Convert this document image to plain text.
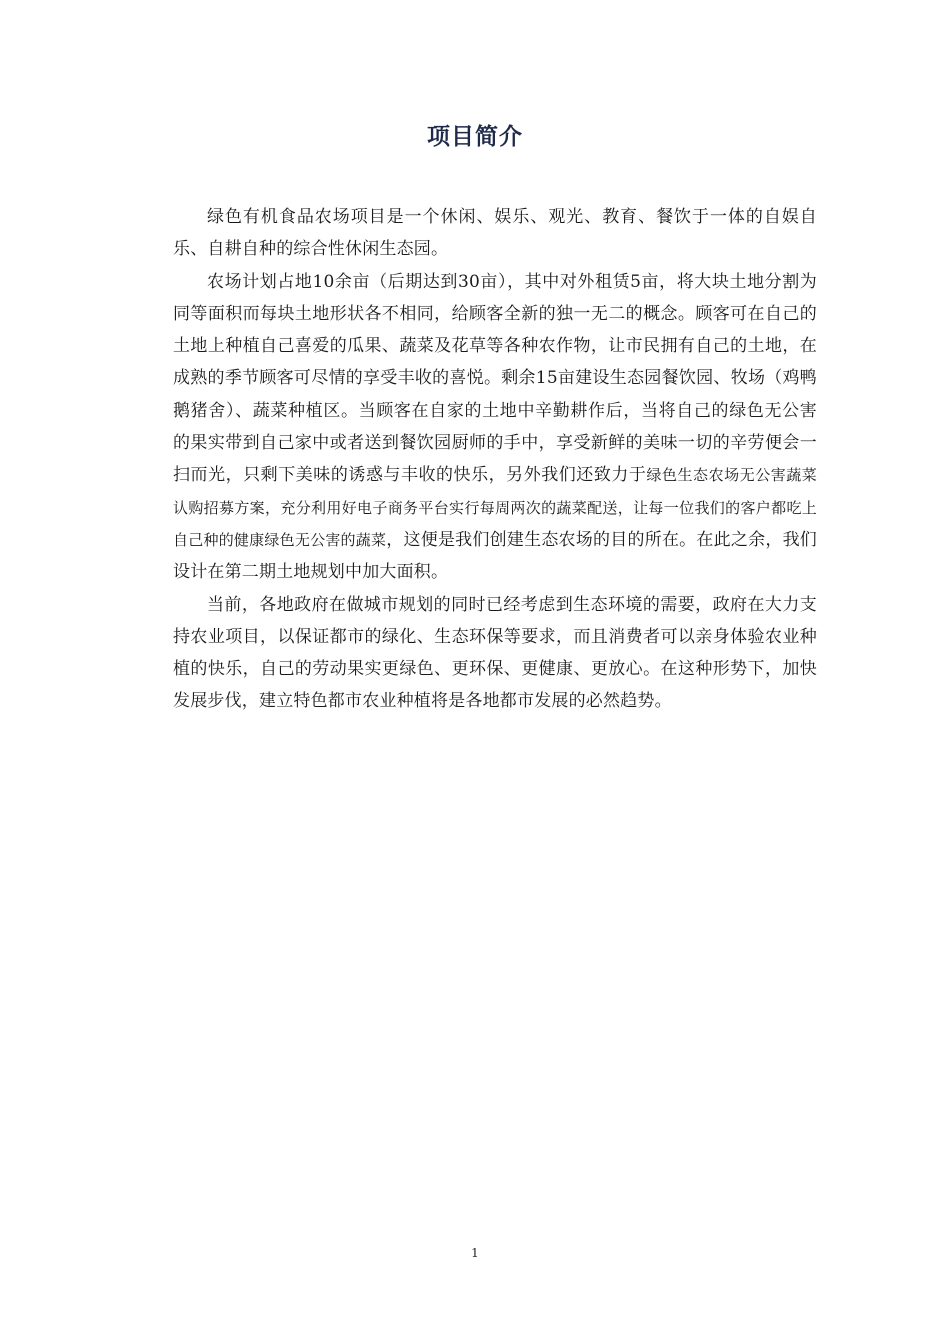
项目简介

绿色有机食品农场项目是一个休闲、娱乐、观光、教育、餐饮于一体的自娱自乐、自耕自种的综合性休闲生态园。

农场计划占地10余亩（后期达到30亩），其中对外租赁5亩，将大块土地分割为同等面积而每块土地形状各不相同，给顾客全新的独一无二的概念。顾客可在自己的土地上种植自己喜爱的瓜果、蔬菜及花草等各种农作物，让市民拥有自己的土地，在成熟的季节顾客可尽情的享受丰收的喜悦。剩余15亩建设生态园餐饮园、牧场（鸡鸭鹅猪舍）、蔬菜种植区。当顾客在自家的土地中辛勤耕作后，当将自己的绿色无公害的果实带到自己家中或者送到餐饮园厨师的手中，享受新鲜的美味一切的辛劳便会一扫而光，只剩下美味的诱惑与丰收的快乐，另外我们还致力于绿色生态农场无公害蔬菜认购招募方案，充分利用好电子商务平台实行每周两次的蔬菜配送，让每一位我们的客户都吃上自己种的健康绿色无公害的蔬菜，这便是我们创建生态农场的目的所在。在此之余，我们设计在第二期土地规划中加大面积。

当前，各地政府在做城市规划的同时已经考虑到生态环境的需要，政府在大力支持农业项目，以保证都市的绿化、生态环保等要求，而且消费者可以亲身体验农业种植的快乐，自己的劳动果实更绿色、更环保、更健康、更放心。在这种形势下，加快发展步伐，建立特色都市农业种植将是各地都市发展的必然趋势。

1
